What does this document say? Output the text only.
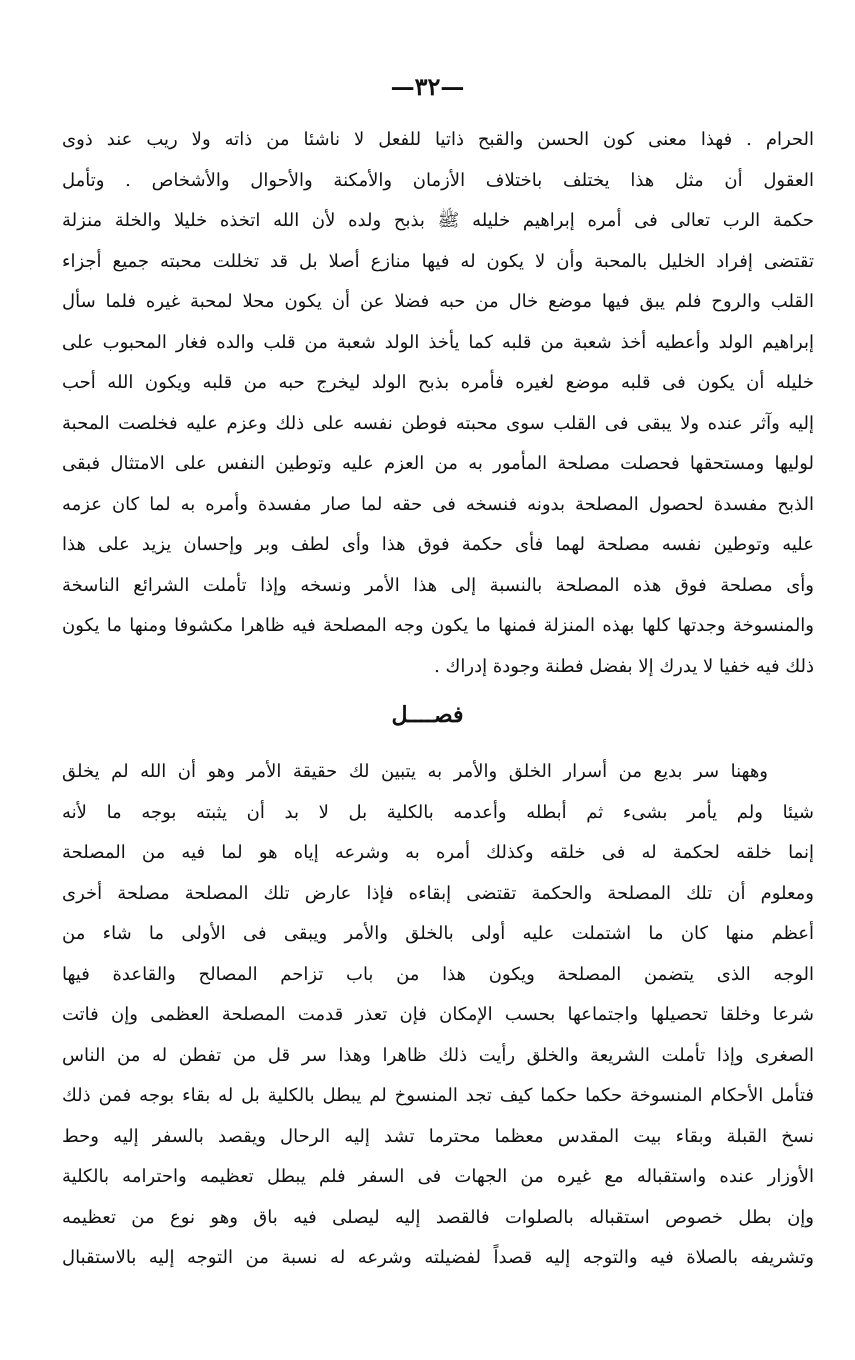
—٣٢—
الحرام . فهذا معنى كون الحسن والقبح ذاتيا للفعل لا ناشئا من ذاته ولا ريب عند ذوى
العقول أن مثل هذا يختلف باختلاف الأزمان والأمكنة والأحوال والأشخاص . وتأمل
حكمة الرب تعالى فى أمره إبراهيم خليله ﷺ بذبح ولده لأن الله اتخذه خليلا والخلة منزلة
تقتضى إفراد الخليل بالمحبة وأن لا يكون له فيها منازع أصلا بل قد تخللت محبته جميع أجزاء
القلب والروح فلم يبق فيها موضع خال من حبه فضلا عن أن يكون محلا لمحبة غيره فلما سأل
إبراهيم الولد وأعطيه أخذ شعبة من قلبه كما يأخذ الولد شعبة من قلب والده فغار المحبوب على
خليله أن يكون فى قلبه موضع لغيره فأمره بذبح الولد ليخرج حبه من قلبه ويكون الله أحب
إليه وآثر عنده ولا يبقى فى القلب سوى محبته فوطن نفسه على ذلك وعزم عليه فخلصت المحبة
لوليها ومستحقها فحصلت مصلحة المأمور به من العزم عليه وتوطين النفس على الامتثال فبقى
الذبح مفسدة لحصول المصلحة بدونه فنسخه فى حقه لما صار مفسدة وأمره به لما كان عزمه
عليه وتوطين نفسه مصلحة لهما فأى حكمة فوق هذا وأى لطف وبر وإحسان يزيد على هذا
وأى مصلحة فوق هذه المصلحة بالنسبة إلى هذا الأمر ونسخه وإذا تأملت الشرائع الناسخة
والمنسوخة وجدتها كلها بهذه المنزلة فمنها ما يكون وجه المصلحة فيه ظاهرا مكشوفا ومنها ما يكون
ذلك فيه خفيا لا يدرك إلا بفضل فطنة وجودة إدراك .
فصــــل
وههنا سر بديع من أسرار الخلق والأمر به يتبين لك حقيقة الأمر وهو أن الله لم يخلق
شيئا ولم يأمر بشىء ثم أبطله وأعدمه بالكلية بل لا بد أن يثبته بوجه ما لأنه
إنما خلقه لحكمة له فى خلقه وكذلك أمره به وشرعه إياه هو لما فيه من المصلحة
ومعلوم أن تلك المصلحة والحكمة تقتضى إبقاءه فإذا عارض تلك المصلحة مصلحة أخرى
أعظم منها كان ما اشتملت عليه أولى بالخلق والأمر ويبقى فى الأولى ما شاء من
الوجه الذى يتضمن المصلحة ويكون هذا من باب تزاحم المصالح والقاعدة فيها
شرعا وخلقا تحصيلها واجتماعها بحسب الإمكان فإن تعذر قدمت المصلحة العظمى وإن فاتت
الصغرى وإذا تأملت الشريعة والخلق رأيت ذلك ظاهرا وهذا سر قل من تفطن له من الناس
فتأمل الأحكام المنسوخة حكما حكما كيف تجد المنسوخ لم يبطل بالكلية بل له بقاء بوجه فمن ذلك
نسخ القبلة وبقاء بيت المقدس معظما محترما تشد إليه الرحال ويقصد بالسفر إليه وحط
الأوزار عنده واستقباله مع غيره من الجهات فى السفر فلم يبطل تعظيمه واحترامه بالكلية
وإن بطل خصوص استقباله بالصلوات فالقصد إليه ليصلى فيه باق وهو نوع من تعظيمه
وتشريفه بالصلاة فيه والتوجه إليه قصداً لفضيلته وشرعه له نسبة من التوجه إليه بالاستقبال
